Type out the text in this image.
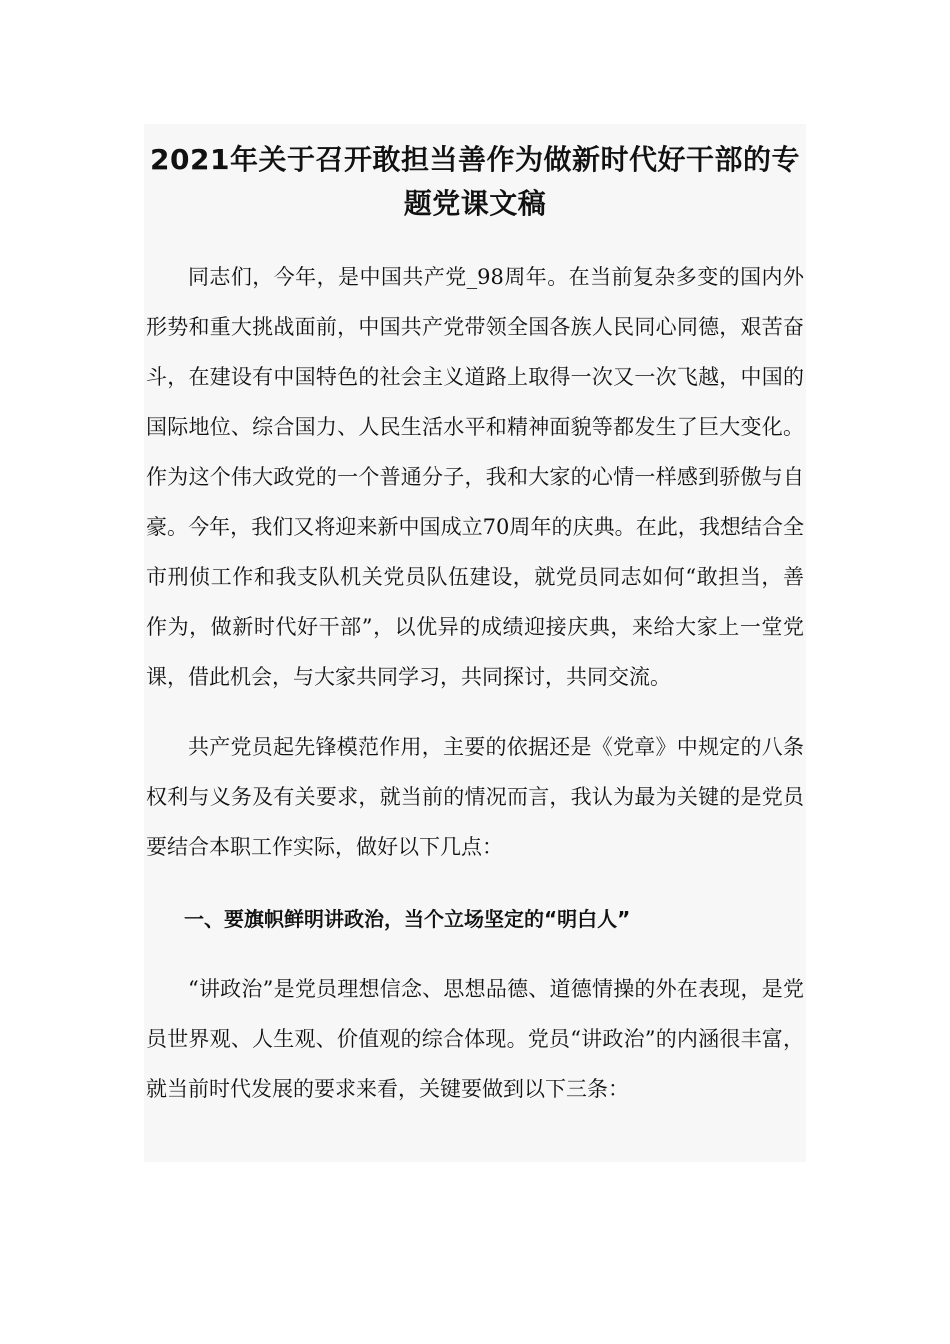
2021年关于召开敢担当善作为做新时代好干部的专题党课文稿

同志们，今年，是中国共产党_98周年。在当前复杂多变的国内外形势和重大挑战面前，中国共产党带领全国各族人民同心同德，艰苦奋斗，在建设有中国特色的社会主义道路上取得一次又一次飞越，中国的国际地位、综合国力、人民生活水平和精神面貌等都发生了巨大变化。作为这个伟大政党的一个普通分子，我和大家的心情一样感到骄傲与自豪。今年，我们又将迎来新中国成立70周年的庆典。在此，我想结合全市刑侦工作和我支队机关党员队伍建设，就党员同志如何“敢担当，善作为，做新时代好干部”，以优异的成绩迎接庆典，来给大家上一堂党课，借此机会，与大家共同学习，共同探讨，共同交流。

共产党员起先锋模范作用，主要的依据还是《党章》中规定的八条权利与义务及有关要求，就当前的情况而言，我认为最为关键的是党员要结合本职工作实际，做好以下几点：

一、要旗帜鲜明讲政治，当个立场坚定的“明白人”

“讲政治”是党员理想信念、思想品德、道德情操的外在表现，是党员世界观、人生观、价值观的综合体现。党员“讲政治”的内涵很丰富，就当前时代发展的要求来看，关键要做到以下三条：
